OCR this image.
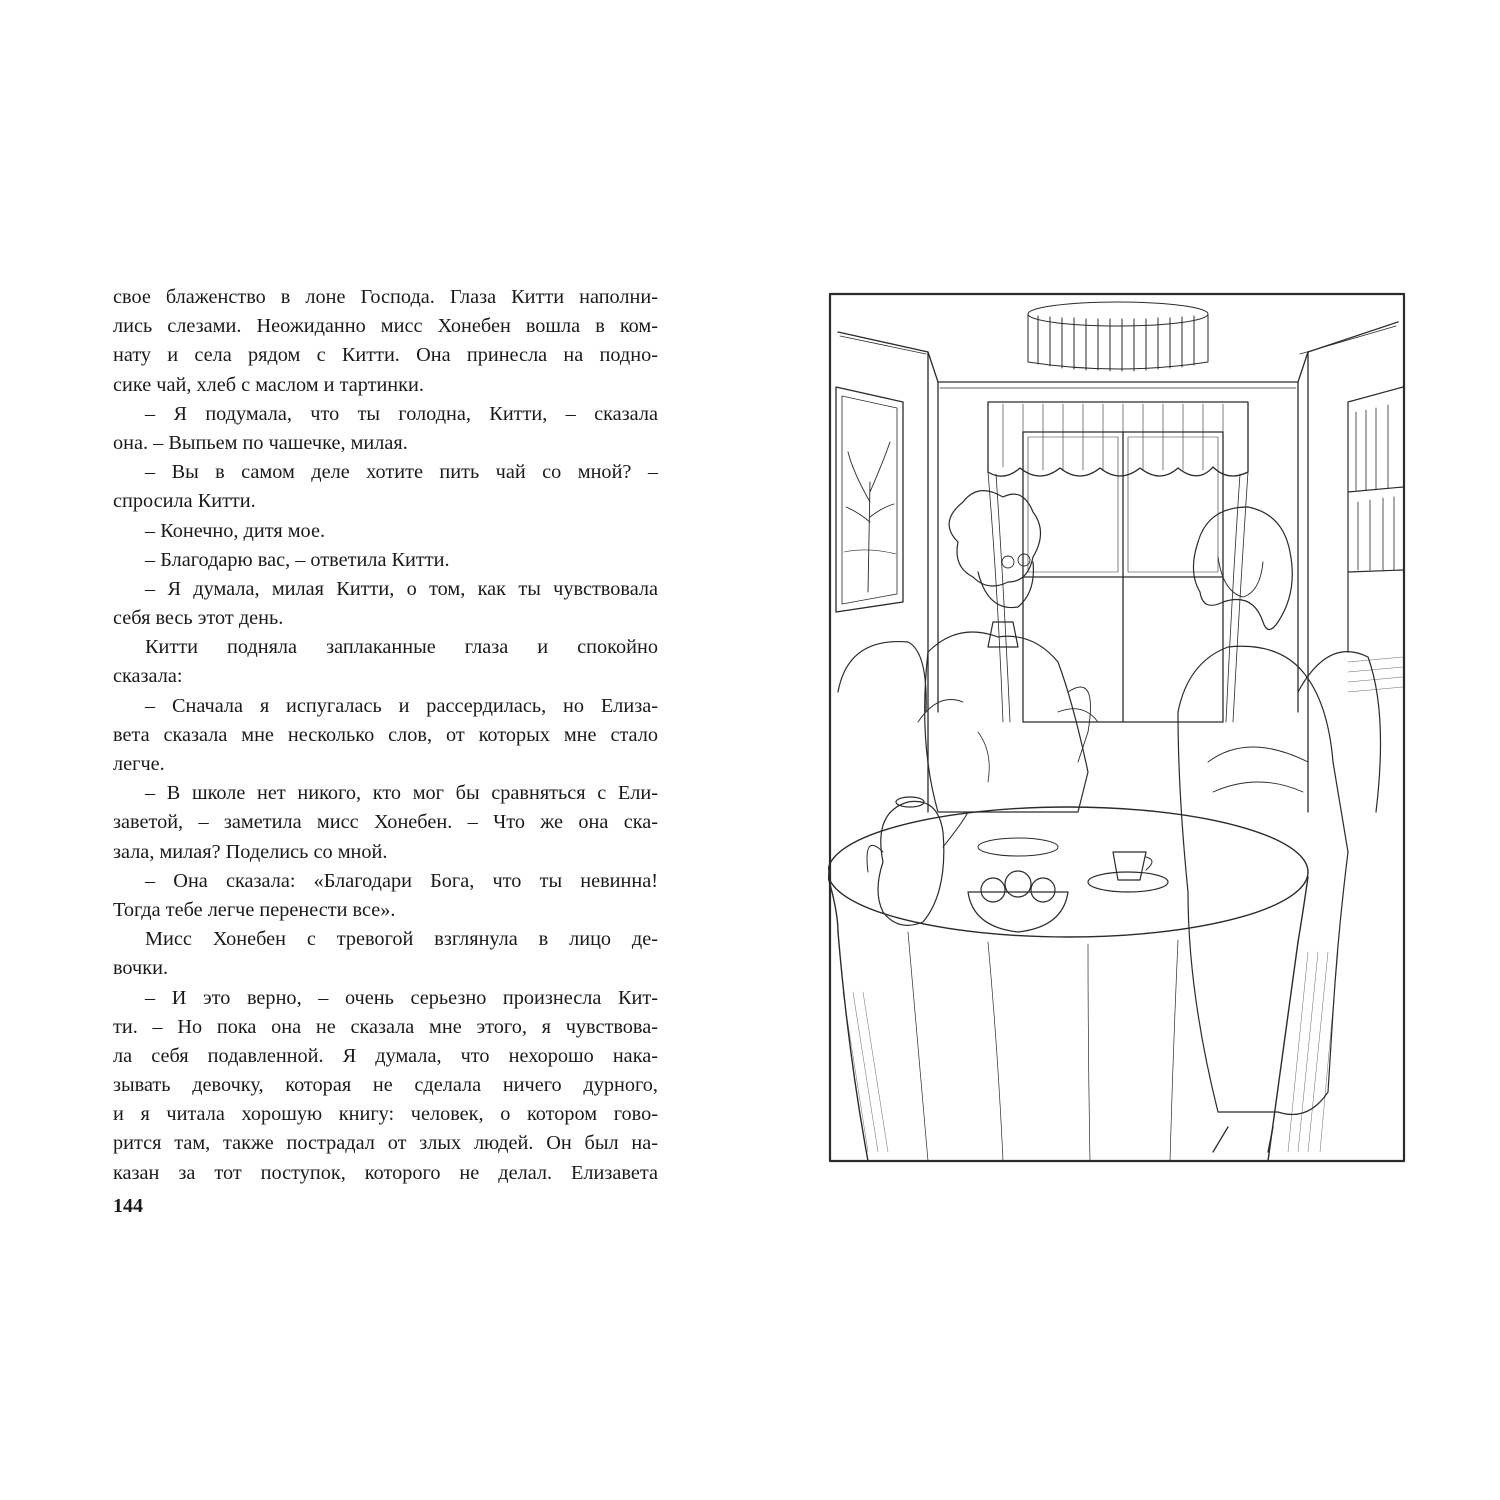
свое блаженство в лоне Господа. Глаза Китти наполни-
лись слезами. Неожиданно мисс Хонебен вошла в ком-
нату и села рядом с Китти. Она принесла на подно-
сике чай, хлеб с маслом и тартинки.
– Я подумала, что ты голодна, Китти, – сказала
она. – Выпьем по чашечке, милая.
– Вы в самом деле хотите пить чай со мной? –
спросила Китти.
– Конечно, дитя мое.
– Благодарю вас, – ответила Китти.
– Я думала, милая Китти, о том, как ты чувствовала
себя весь этот день.
Китти подняла заплаканные глаза и спокойно
сказала:
– Сначала я испугалась и рассердилась, но Елиза-
вета сказала мне несколько слов, от которых мне стало
легче.
– В школе нет никого, кто мог бы сравняться с Ели-
заветой, – заметила мисс Хонебен. – Что же она ска-
зала, милая? Поделись со мной.
– Она сказала: «Благодари Бога, что ты невинна!
Тогда тебе легче перенести все».
Мисс Хонебен с тревогой взглянула в лицо де-
вочки.
– И это верно, – очень серьезно произнесла Кит-
ти. – Но пока она не сказала мне этого, я чувствова-
ла себя подавленной. Я думала, что нехорошо нака-
зывать девочку, которая не сделала ничего дурного,
и я читала хорошую книгу: человек, о котором гово-
рится там, также пострадал от злых людей. Он был на-
казан за тот поступок, которого не делал. Елизавета
144
